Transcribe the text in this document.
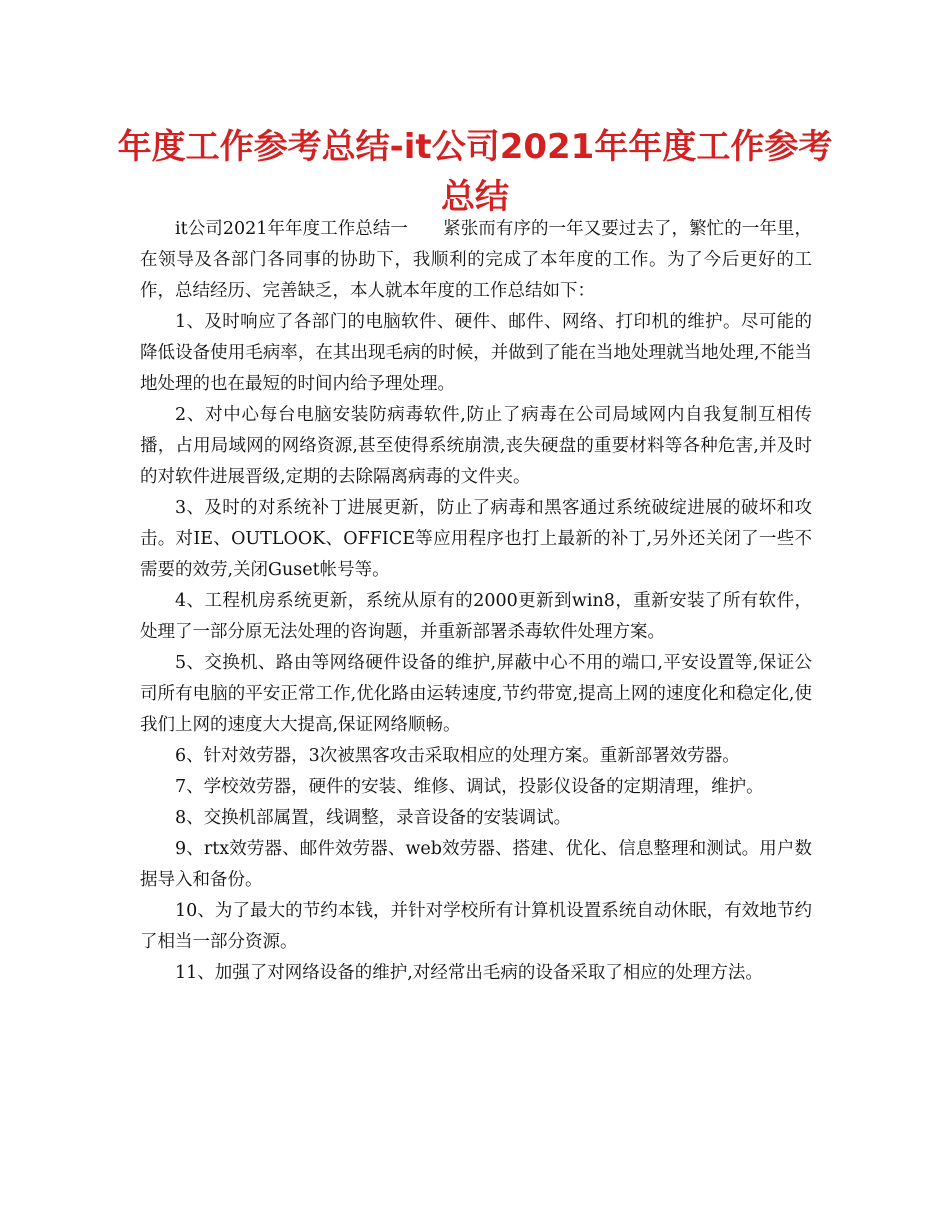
年度工作参考总结-it公司2021年年度工作参考总结

it公司2021年年度工作总结一　　紧张而有序的一年又要过去了，繁忙的一年里，在领导及各部门各同事的协助下，我顺利的完成了本年度的工作。为了今后更好的工作，总结经历、完善缺乏，本人就本年度的工作总结如下：

1、及时响应了各部门的电脑软件、硬件、邮件、网络、打印机的维护。尽可能的降低设备使用毛病率，在其出现毛病的时候，并做到了能在当地处理就当地处理,不能当地处理的也在最短的时间内给予理处理。

2、对中心每台电脑安装防病毒软件,防止了病毒在公司局域网内自我复制互相传播，占用局域网的网络资源,甚至使得系统崩溃,丧失硬盘的重要材料等各种危害,并及时的对软件进展晋级,定期的去除隔离病毒的文件夹。

3、及时的对系统补丁进展更新，防止了病毒和黑客通过系统破绽进展的破坏和攻击。对IE、OUTLOOK、OFFICE等应用程序也打上最新的补丁,另外还关闭了一些不需要的效劳,关闭Guset帐号等。

4、工程机房系统更新，系统从原有的2000更新到win8，重新安装了所有软件，处理了一部分原无法处理的咨询题，并重新部署杀毒软件处理方案。

5、交换机、路由等网络硬件设备的维护,屏蔽中心不用的端口,平安设置等,保证公司所有电脑的平安正常工作,优化路由运转速度,节约带宽,提高上网的速度化和稳定化,使我们上网的速度大大提高,保证网络顺畅。

6、针对效劳器，3次被黑客攻击采取相应的处理方案。重新部署效劳器。

7、学校效劳器，硬件的安装、维修、调试，投影仪设备的定期清理，维护。

8、交换机部属置，线调整，录音设备的安装调试。

9、rtx效劳器、邮件效劳器、web效劳器、搭建、优化、信息整理和测试。用户数据导入和备份。

10、为了最大的节约本钱，并针对学校所有计算机设置系统自动休眠，有效地节约了相当一部分资源。

11、加强了对网络设备的维护,对经常出毛病的设备采取了相应的处理方法。
